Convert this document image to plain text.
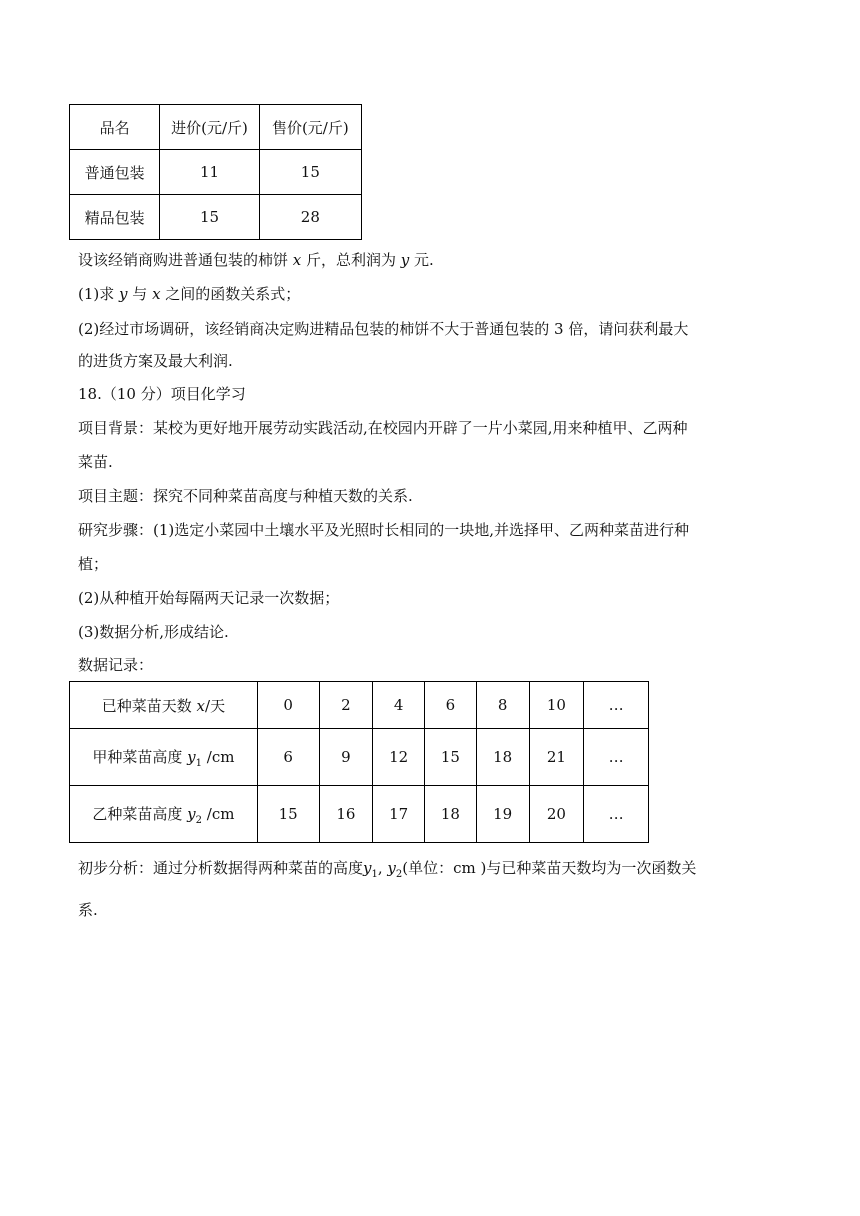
品名	进价(元/斤)	售价(元/斤)
普通包装	11	15
精品包装	15	28
设该经销商购进普通包装的柿饼 x 斤，总利润为 y 元.
(1)求 y 与 x 之间的函数关系式；
(2)经过市场调研，该经销商决定购进精品包装的柿饼不大于普通包装的 3 倍，请问获利最大
的进货方案及最大利润.
18.（10 分）项目化学习
项目背景：某校为更好地开展劳动实践活动,在校园内开辟了一片小菜园,用来种植甲、乙两种
菜苗.
项目主题：探究不同种菜苗高度与种植天数的关系.
研究步骤：(1)选定小菜园中土壤水平及光照时长相同的一块地,并选择甲、乙两种菜苗进行种
植；
(2)从种植开始每隔两天记录一次数据；
(3)数据分析,形成结论.
数据记录：
已种菜苗天数 x/天	0	2	4	6	8	10	…
甲种菜苗高度 $y_1$ /cm	6	9	12	15	18	21	…
乙种菜苗高度 $y_2$ /cm	15	16	17	18	19	20	…
初步分析：通过分析数据得两种菜苗的高度$y_1$, $y_2$(单位：cm )与已种菜苗天数均为一次函数关
系.
